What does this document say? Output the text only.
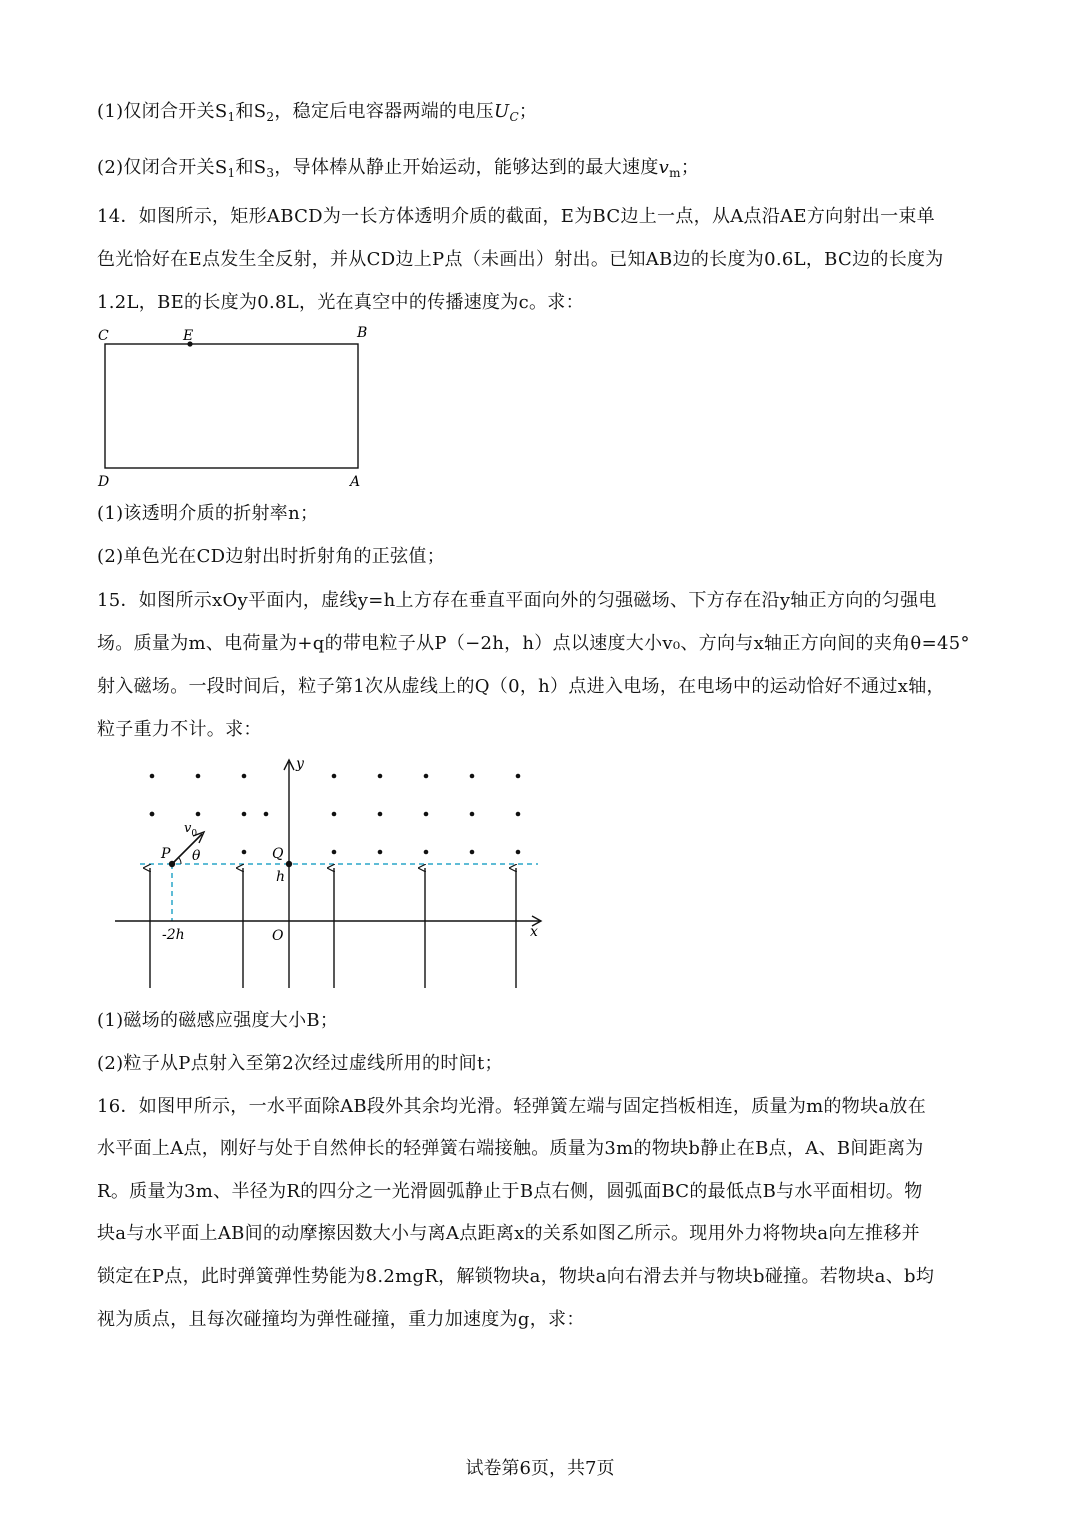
(1)仅闭合开关$S_1$和$S_2$，稳定后电容器两端的电压$U_C$；
(2)仅闭合开关$S_1$和$S_3$，导体棒从静止开始运动，能够达到的最大速度$v_m$；
14．如图所示，矩形ABCD为一长方体透明介质的截面，E为BC边上一点，从A点沿AE方向射出一束单
色光恰好在E点发生全反射，并从CD边上P点（未画出）射出。已知AB边的长度为0.6L，BC边的长度为
1.2L，BE的长度为0.8L，光在真空中的传播速度为c。求：
C	E	B
D	A
(1)该透明介质的折射率n；
(2)单色光在CD边射出时折射角的正弦值；
15．如图所示xOy平面内，虚线y=h上方存在垂直平面向外的匀强磁场、下方存在沿y轴正方向的匀强电
场。质量为m、电荷量为+q的带电粒子从P（−2h，h）点以速度大小v₀、方向与x轴正方向间的夹角θ=45°
射入磁场。一段时间后，粒子第1次从虚线上的Q（0，h）点进入电场，在电场中的运动恰好不通过x轴，
粒子重力不计。求：
y
x
O
P	Q
h
-2h
$v_0$
θ
(1)磁场的磁感应强度大小B；
(2)粒子从P点射入至第2次经过虚线所用的时间t；
16．如图甲所示，一水平面除AB段外其余均光滑。轻弹簧左端与固定挡板相连，质量为m的物块a放在
水平面上A点，刚好与处于自然伸长的轻弹簧右端接触。质量为3m的物块b静止在B点，A、B间距离为
R。质量为3m、半径为R的四分之一光滑圆弧静止于B点右侧，圆弧面BC的最低点B与水平面相切。物
块a与水平面上AB间的动摩擦因数大小与离A点距离x的关系如图乙所示。现用外力将物块a向左推移并
锁定在P点，此时弹簧弹性势能为8.2mgR，解锁物块a，物块a向右滑去并与物块b碰撞。若物块a、b均
视为质点，且每次碰撞均为弹性碰撞，重力加速度为g，求：
试卷第6页，共7页
